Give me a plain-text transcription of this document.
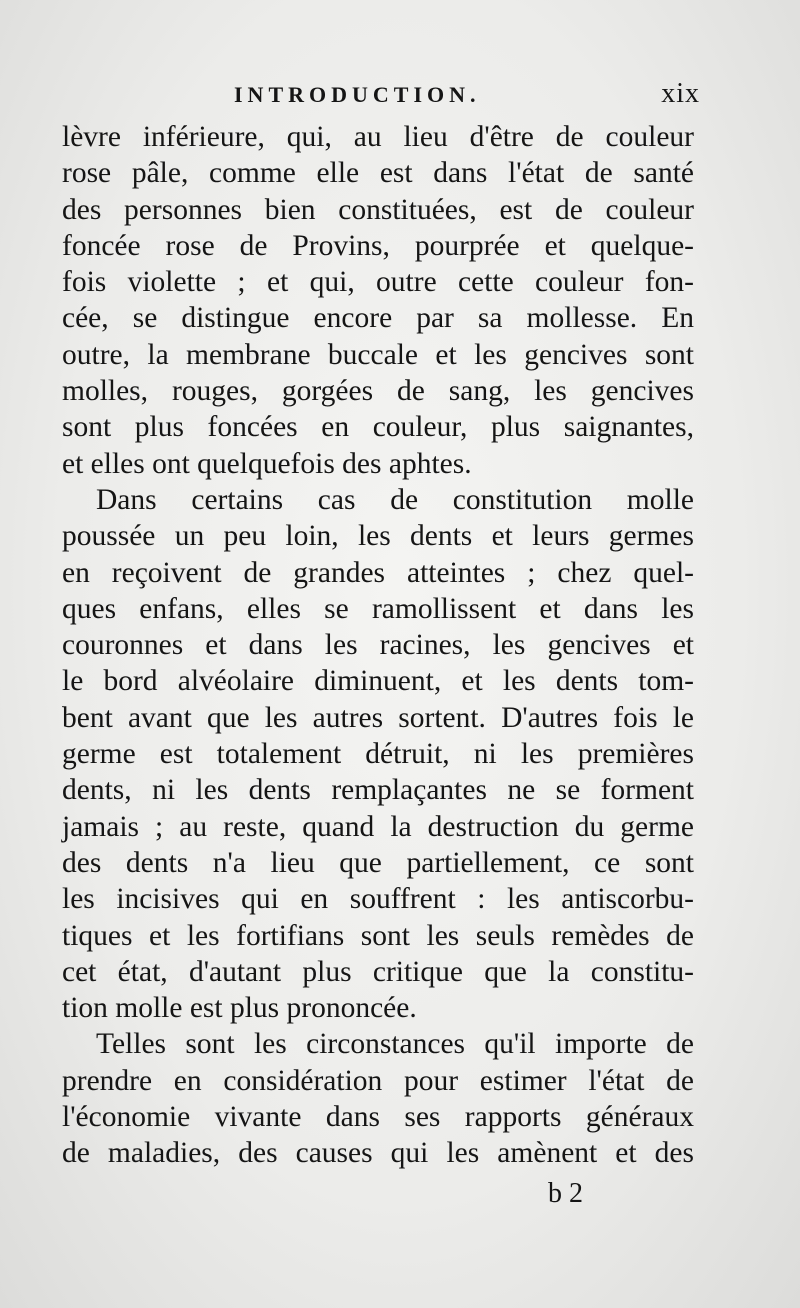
INTRODUCTION.	xix
lèvre inférieure, qui, au lieu d'être de couleur
rose pâle, comme elle est dans l'état de santé
des personnes bien constituées, est de couleur
foncée rose de Provins, pourprée et quelque-
fois violette ; et qui, outre cette couleur fon-
cée, se distingue encore par sa mollesse. En
outre, la membrane buccale et les gencives sont
molles, rouges, gorgées de sang, les gencives
sont plus foncées en couleur, plus saignantes,
et elles ont quelquefois des aphtes.
Dans certains cas de constitution molle
poussée un peu loin, les dents et leurs germes
en reçoivent de grandes atteintes ; chez quel-
ques enfans, elles se ramollissent et dans les
couronnes et dans les racines, les gencives et
le bord alvéolaire diminuent, et les dents tom-
bent avant que les autres sortent. D'autres fois le
germe est totalement détruit, ni les premières
dents, ni les dents remplaçantes ne se forment
jamais ; au reste, quand la destruction du germe
des dents n'a lieu que partiellement, ce sont
les incisives qui en souffrent : les antiscorbu-
tiques et les fortifians sont les seuls remèdes de
cet état, d'autant plus critique que la constitu-
tion molle est plus prononcée.
Telles sont les circonstances qu'il importe de
prendre en considération pour estimer l'état de
l'économie vivante dans ses rapports généraux
de maladies, des causes qui les amènent et des
b 2
